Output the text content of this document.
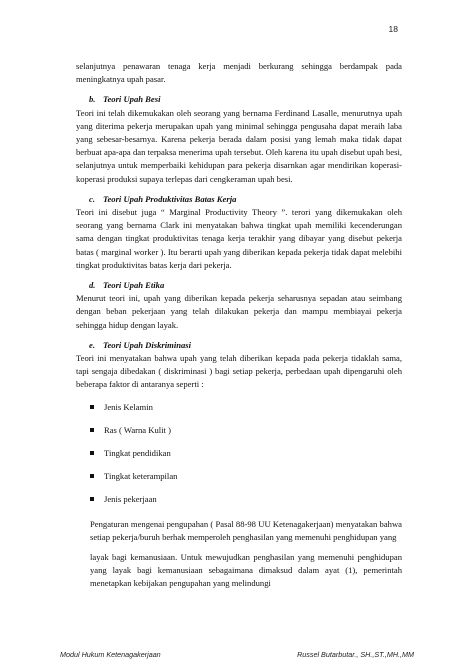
18

selanjutnya penawaran tenaga kerja menjadi berkurang sehingga berdampak pada meningkatnya upah pasar.

b. Teori Upah Besi

Teori ini telah dikemukakan oleh seorang yang bernama Ferdinand Lasalle, menurutnya upah yang diterima pekerja merupakan upah yang minimal sehingga pengusaha dapat meraih laba yang sebesar-besarnya. Karena pekerja berada dalam posisi yang lemah maka tidak dapat berbuat apa-apa dan terpaksa menerima upah tersebut. Oleh karena itu upah disebut upah besi, selanjutnya untuk memperbaiki kehidupan para pekerja disarnkan agar mendirikan koperasi-koperasi produksi supaya terlepas dari cengkeraman upah besi.

c. Teori Upah Produktivitas Batas Kerja

Teori ini disebut juga “ Marginal Productivity Theory ”. terori yang dikemukakan oleh seorang yang bernama Clark ini menyatakan bahwa tingkat upah memiliki kecenderungan sama dengan tingkat produktivitas tenaga kerja terakhir yang dibayar yang disebut pekerja batas ( marginal worker ). Itu berarti upah yang diberikan kepada pekerja tidak dapat melebihi tingkat produktivitas batas kerja dari pekerja.

d. Teori Upah Etika

Menurut teori ini, upah yang diberikan kepada pekerja seharusnya sepadan atau seimbang dengan beban pekerjaan yang telah dilakukan pekerja dan mampu membiayai pekerja sehingga hidup dengan layak.

e. Teori Upah Diskriminasi

Teori ini menyatakan bahwa upah yang telah diberikan kepada pada pekerja tidaklah sama, tapi sengaja dibedakan ( diskriminasi ) bagi setiap pekerja, perbedaan upah dipengaruhi oleh beberapa faktor di antaranya seperti :

Jenis Kelamin
Ras ( Warna Kulit )
Tingkat pendidikan
Tingkat keterampilan
Jenis pekerjaan

Pengaturan mengenai pengupahan ( Pasal 88-98 UU Ketenagakerjaan) menyatakan bahwa setiap pekerja/buruh berhak memperoleh penghasilan yang memenuhi penghidupan yang

layak bagi kemanusiaan. Untuk mewujudkan penghasilan yang memenuhi penghidupan yang layak bagi kemanusiaan sebagaimana dimaksud dalam ayat (1), pemerintah menetapkan kebijakan pengupahan yang melindungi

Modul Hukum Ketenagakerjaan	Russel Butarbutar., SH.,ST.,MH.,MM
